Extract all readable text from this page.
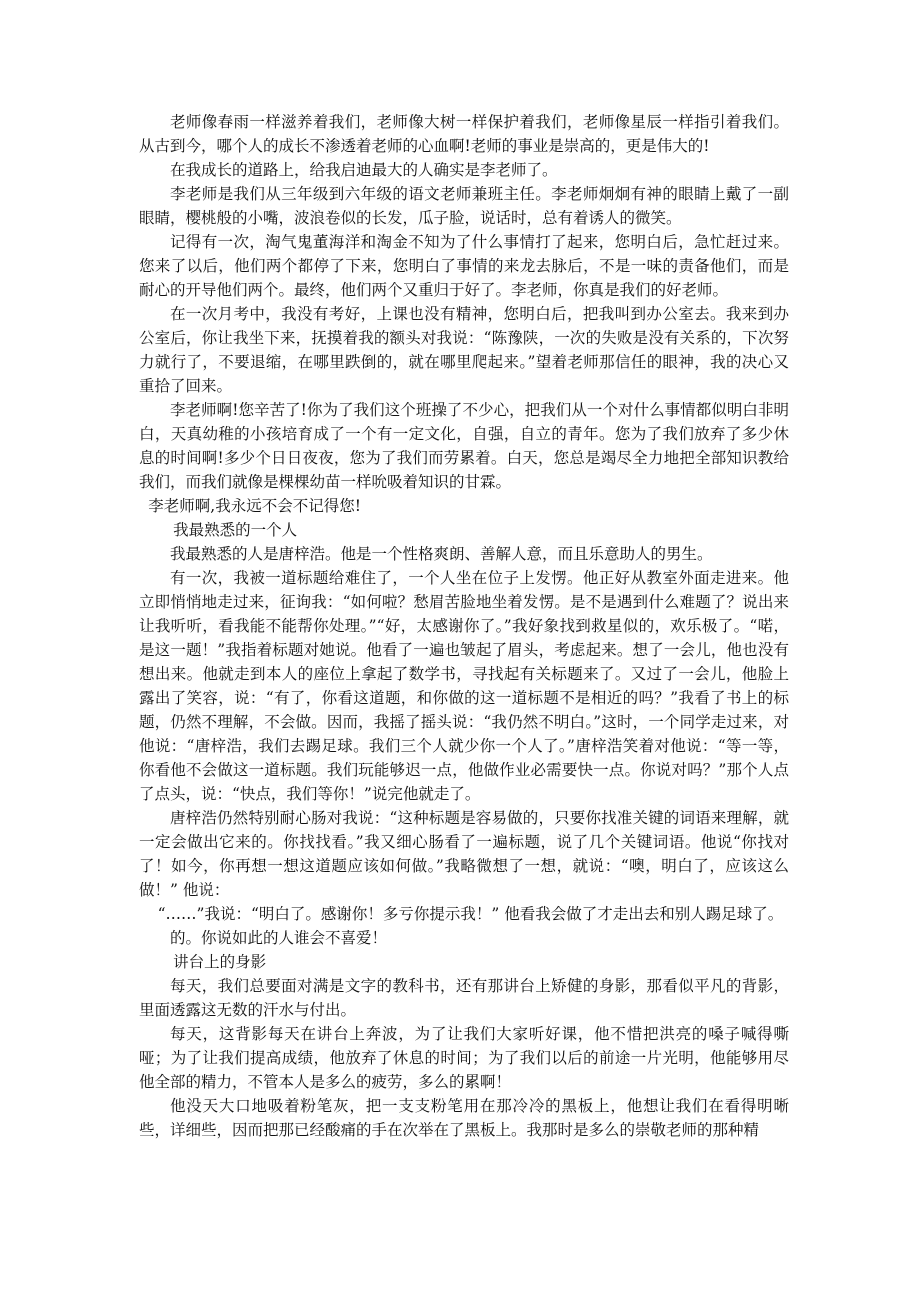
老师像春雨一样滋养着我们，老师像大树一样保护着我们，老师像星辰一样指引着我们。从古到今，哪个人的成长不渗透着老师的心血啊!老师的事业是崇高的，更是伟大的!

在我成长的道路上，给我启迪最大的人确实是李老师了。

李老师是我们从三年级到六年级的语文老师兼班主任。李老师炯炯有神的眼睛上戴了一副眼睛，樱桃般的小嘴，波浪卷似的长发，瓜子脸，说话时，总有着诱人的微笑。

记得有一次，淘气鬼董海洋和淘金不知为了什么事情打了起来，您明白后，急忙赶过来。您来了以后，他们两个都停了下来，您明白了事情的来龙去脉后，不是一味的责备他们，而是耐心的开导他们两个。最终，他们两个又重归于好了。李老师，你真是我们的好老师。

在一次月考中，我没有考好，上课也没有精神，您明白后，把我叫到办公室去。我来到办公室后，你让我坐下来，抚摸着我的额头对我说：“陈豫陕，一次的失败是没有关系的，下次努力就行了，不要退缩，在哪里跌倒的，就在哪里爬起来。”望着老师那信任的眼神，我的决心又重拾了回来。

李老师啊!您辛苦了!你为了我们这个班操了不少心，把我们从一个对什么事情都似明白非明白，天真幼稚的小孩培育成了一个有一定文化，自强，自立的青年。您为了我们放弃了多少休息的时间啊!多少个日日夜夜，您为了我们而劳累着。白天，您总是竭尽全力地把全部知识教给我们，而我们就像是棵棵幼苗一样吮吸着知识的甘霖。

李老师啊,我永远不会不记得您!

我最熟悉的一个人

我最熟悉的人是唐梓浩。他是一个性格爽朗、善解人意，而且乐意助人的男生。

有一次，我被一道标题给难住了，一个人坐在位子上发愣。他正好从教室外面走进来。他立即悄悄地走过来，征询我：“如何啦？愁眉苦脸地坐着发愣。是不是遇到什么难题了？说出来让我听听，看我能不能帮你处理。”“好，太感谢你了。”我好象找到救星似的，欢乐极了。“喏，是这一题！”我指着标题对她说。他看了一遍也皱起了眉头，考虑起来。想了一会儿，他也没有想出来。他就走到本人的座位上拿起了数学书，寻找起有关标题来了。又过了一会儿，他脸上露出了笑容，说：“有了，你看这道题，和你做的这一道标题不是相近的吗？”我看了书上的标题，仍然不理解，不会做。因而，我摇了摇头说：“我仍然不明白。”这时，一个同学走过来，对他说：“唐梓浩，我们去踢足球。我们三个人就少你一个人了。”唐梓浩笑着对他说：“等一等，你看他不会做这一道标题。我们玩能够迟一点，他做作业必需要快一点。你说对吗？”那个人点了点头，说：“快点，我们等你！”说完他就走了。

唐梓浩仍然特别耐心肠对我说：“这种标题是容易做的，只要你找准关键的词语来理解，就一定会做出它来的。你找找看。”我又细心肠看了一遍标题，说了几个关键词语。他说“你找对了！如今，你再想一想这道题应该如何做。”我略微想了一想，就说：“噢，明白了，应该这么做！” 他说：

“……”我说：“明白了。感谢你！多亏你提示我！” 他看我会做了才走出去和别人踢足球了。

的。你说如此的人谁会不喜爱！

讲台上的身影

每天，我们总要面对满是文字的教科书，还有那讲台上矫健的身影，那看似平凡的背影，里面透露这无数的汗水与付出。

每天，这背影每天在讲台上奔波，为了让我们大家听好课，他不惜把洪亮的嗓子喊得嘶哑；为了让我们提高成绩，他放弃了休息的时间；为了我们以后的前途一片光明，他能够用尽他全部的精力，不管本人是多么的疲劳，多么的累啊！

他没天大口地吸着粉笔灰，把一支支粉笔用在那冷冷的黑板上，他想让我们在看得明晰些，详细些，因而把那已经酸痛的手在次举在了黑板上。我那时是多么的崇敬老师的那种精
